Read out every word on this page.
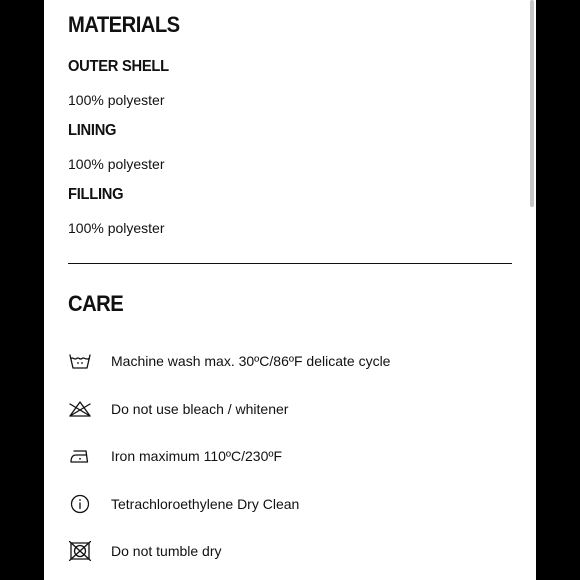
MATERIALS
OUTER SHELL

100% polyester

LINING

100% polyester

FILLING

100% polyester

CARE
Machine wash max. 30ºC/86ºF delicate cycle
Do not use bleach / whitener
Iron maximum 110ºC/230ºF
Tetrachloroethylene Dry Clean
Do not tumble dry
